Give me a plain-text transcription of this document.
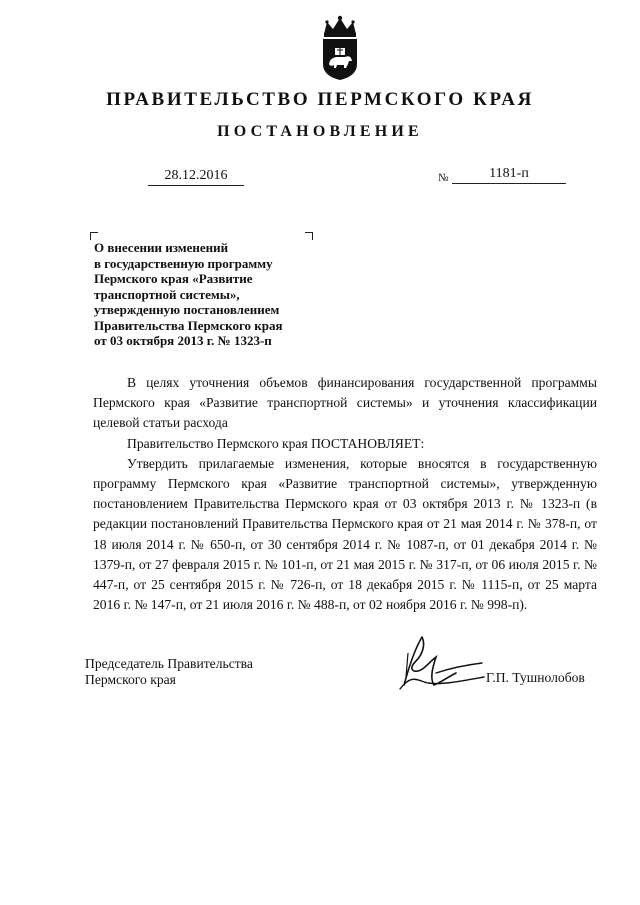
ПРАВИТЕЛЬСТВО ПЕРМСКОГО КРАЯ
ПОСТАНОВЛЕНИЕ
28.12.2016	№	1181-п
О внесении изменений
в государственную программу
Пермского края «Развитие
транспортной системы»,
утвержденную постановлением
Правительства Пермского края
от 03 октября 2013 г. № 1323-п

В целях уточнения объемов финансирования государственной программы Пермского края «Развитие транспортной системы» и уточнения классификации целевой статьи расхода

Правительство Пермского края ПОСТАНОВЛЯЕТ:

Утвердить прилагаемые изменения, которые вносятся в государственную программу Пермского края «Развитие транспортной системы», утвержденную постановлением Правительства Пермского края от 03 октября 2013 г. № 1323-п (в редакции постановлений Правительства Пермского края от 21 мая 2014 г. № 378-п, от 18 июля 2014 г. № 650-п, от 30 сентября 2014 г. № 1087-п, от 01 декабря 2014 г. № 1379-п, от 27 февраля 2015 г. № 101-п, от 21 мая 2015 г. № 317-п, от 06 июля 2015 г. № 447-п, от 25 сентября 2015 г. № 726-п, от 18 декабря 2015 г. № 1115-п, от 25 марта 2016 г. № 147-п, от 21 июля 2016 г. № 488-п, от 02 ноября 2016 г. № 998-п).

Председатель Правительства
Пермского края	Г.П. Тушнолобов
